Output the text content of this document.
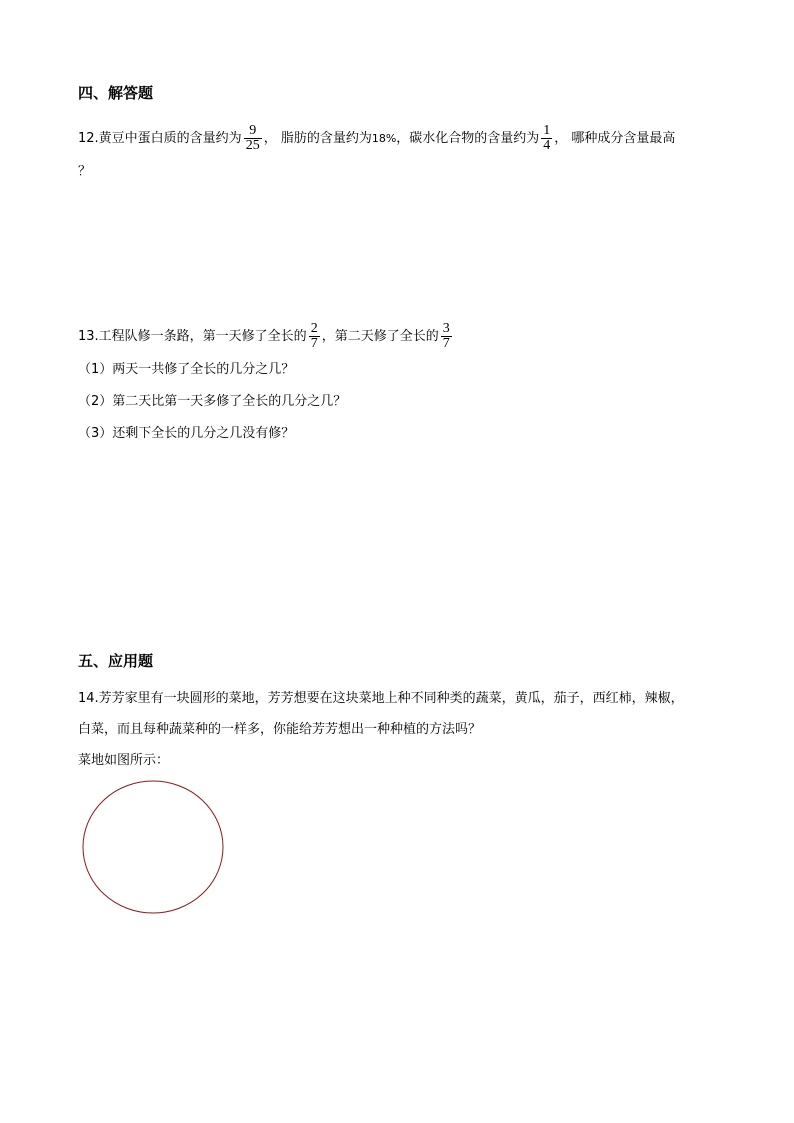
四、解答题
12.黄豆中蛋白质的含量约为 $\frac{9}{25}$ ， 脂肪的含量约为 18% ，碳水化合物的含量约为 $\frac{1}{4}$ ， 哪种成分含量最高
？
13.工程队修一条路，第一天修了全长的 $\frac{2}{7}$ ，第二天修了全长的 $\frac{3}{7}$
（1）两天一共修了全长的几分之几？
（2）第二天比第一天多修了全长的几分之几？
（3）还剩下全长的几分之几没有修？
五、应用题
14.芳芳家里有一块圆形的菜地，芳芳想要在这块菜地上种不同种类的蔬菜，黄瓜，茄子，西红柿，辣椒，
白菜，而且每种蔬菜种的一样多，你能给芳芳想出一种种植的方法吗？
菜地如图所示：
